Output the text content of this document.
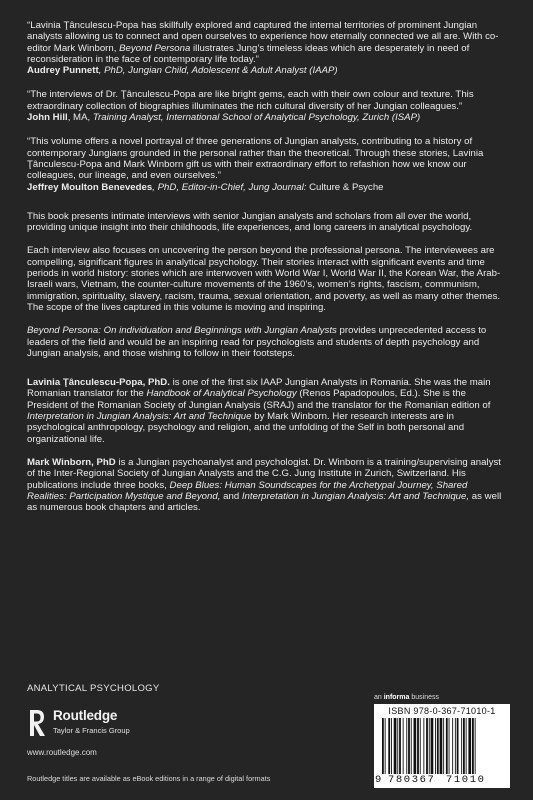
“Lavinia Ţânculescu-Popa has skillfully explored and captured the internal territories of prominent Jungian analysts allowing us to connect and open ourselves to experience how eternally connected we all are. With co-editor Mark Winborn, Beyond Persona illustrates Jung’s timeless ideas which are desperately in need of reconsideration in the face of contemporary life today.”
Audrey Punnett, PhD, Jungian Child, Adolescent & Adult Analyst (IAAP)

“The interviews of Dr. Ţânculescu-Popa are like bright gems, each with their own colour and texture. This extraordinary collection of biographies illuminates the rich cultural diversity of her Jungian colleagues.”
John Hill, MA, Training Analyst, International School of Analytical Psychology, Zurich (ISAP)

“This volume offers a novel portrayal of three generations of Jungian analysts, contributing to a history of contemporary Jungians grounded in the personal rather than the theoretical. Through these stories, Lavinia Ţânculescu-Popa and Mark Winborn gift us with their extraordinary effort to refashion how we know our colleagues, our lineage, and even ourselves.”
Jeffrey Moulton Benevedes, PhD, Editor-in-Chief, Jung Journal: Culture & Psyche

This book presents intimate interviews with senior Jungian analysts and scholars from all over the world, providing unique insight into their childhoods, life experiences, and long careers in analytical psychology.

Each interview also focuses on uncovering the person beyond the professional persona. The interviewees are compelling, significant figures in analytical psychology. Their stories interact with significant events and time periods in world history: stories which are interwoven with World War I, World War II, the Korean War, the Arab-Israeli wars, Vietnam, the counter-culture movements of the 1960’s, women’s rights, fascism, communism, immigration, spirituality, slavery, racism, trauma, sexual orientation, and poverty, as well as many other themes. The scope of the lives captured in this volume is moving and inspiring.

Beyond Persona: On individuation and Beginnings with Jungian Analysts provides unprecedented access to leaders of the field and would be an inspiring read for psychologists and students of depth psychology and Jungian analysis, and those wishing to follow in their footsteps.

Lavinia Ţânculescu-Popa, PhD. is one of the first six IAAP Jungian Analysts in Romania. She was the main Romanian translator for the Handbook of Analytical Psychology (Renos Papadopoulos, Ed.). She is the President of the Romanian Society of Jungian Analysis (SRAJ) and the translator for the Romanian edition of Interpretation in Jungian Analysis: Art and Technique by Mark Winborn. Her research interests are in psychological anthropology, psychology and religion, and the unfolding of the Self in both personal and organizational life.

Mark Winborn, PhD is a Jungian psychoanalyst and psychologist. Dr. Winborn is a training/supervising analyst of the Inter-Regional Society of Jungian Analysts and the C.G. Jung Institute in Zurich, Switzerland. His publications include three books, Deep Blues: Human Soundscapes for the Archetypal Journey, Shared Realities: Participation Mystique and Beyond, and Interpretation in Jungian Analysis: Art and Technique, as well as numerous book chapters and articles.

ANALYTICAL PSYCHOLOGY
Routledge
Taylor & Francis Group
www.routledge.com
Routledge titles are available as eBook editions in a range of digital formats
an informa business
ISBN 978-0-367-71010-1
9 780367 71010
